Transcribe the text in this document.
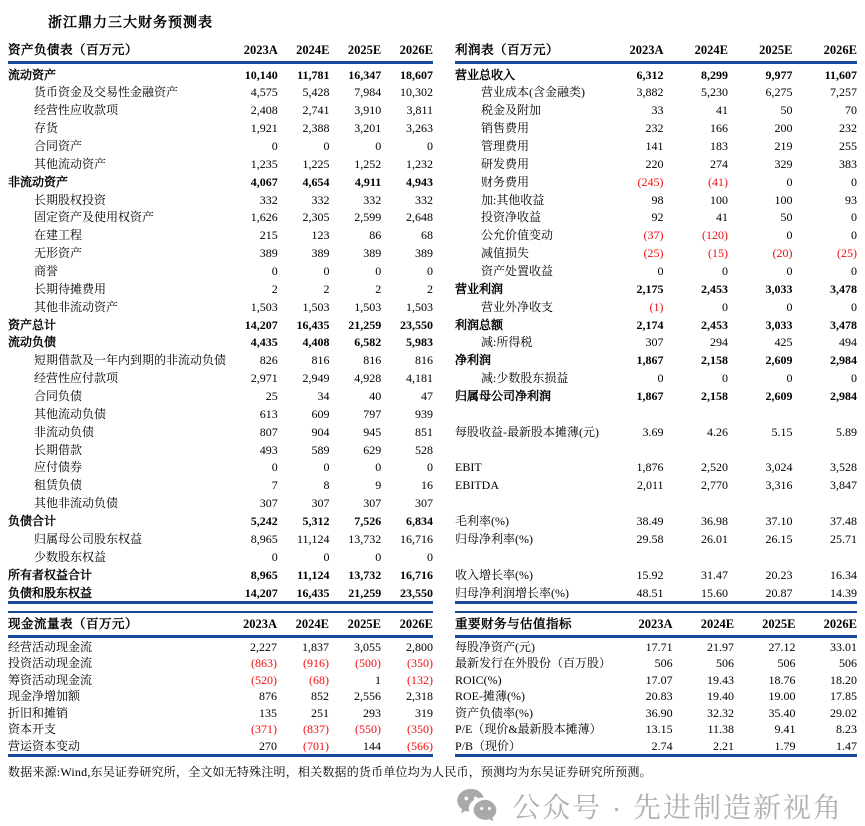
浙江鼎力三大财务预测表
资产负债表（百万元）	2023A	2024E	2025E	2026E
流动资产	10,140	11,781	16,347	18,607
货币资金及交易性金融资产	4,575	5,428	7,984	10,302
经营性应收款项	2,408	2,741	3,910	3,811
存货	1,921	2,388	3,201	3,263
合同资产	0	0	0	0
其他流动资产	1,235	1,225	1,252	1,232
非流动资产	4,067	4,654	4,911	4,943
长期股权投资	332	332	332	332
固定资产及使用权资产	1,626	2,305	2,599	2,648
在建工程	215	123	86	68
无形资产	389	389	389	389
商誉	0	0	0	0
长期待摊费用	2	2	2	2
其他非流动资产	1,503	1,503	1,503	1,503
资产总计	14,207	16,435	21,259	23,550
流动负债	4,435	4,408	6,582	5,983
短期借款及一年内到期的非流动负债	826	816	816	816
经营性应付款项	2,971	2,949	4,928	4,181
合同负债	25	34	40	47
其他流动负债	613	609	797	939
非流动负债	807	904	945	851
长期借款	493	589	629	528
应付债券	0	0	0	0
租赁负债	7	8	9	16
其他非流动负债	307	307	307	307
负债合计	5,242	5,312	7,526	6,834
归属母公司股东权益	8,965	11,124	13,732	16,716
少数股东权益	0	0	0	0
所有者权益合计	8,965	11,124	13,732	16,716
负债和股东权益	14,207	16,435	21,259	23,550
利润表（百万元）	2023A	2024E	2025E	2026E
营业总收入	6,312	8,299	9,977	11,607
营业成本(含金融类)	3,882	5,230	6,275	7,257
税金及附加	33	41	50	70
销售费用	232	166	200	232
管理费用	141	183	219	255
研发费用	220	274	329	383
财务费用	(245)	(41)	0	0
加:其他收益	98	100	100	93
投资净收益	92	41	50	0
公允价值变动	(37)	(120)	0	0
减值损失	(25)	(15)	(20)	(25)
资产处置收益	0	0	0	0
营业利润	2,175	2,453	3,033	3,478
营业外净收支	(1)	0	0	0
利润总额	2,174	2,453	3,033	3,478
减:所得税	307	294	425	494
净利润	1,867	2,158	2,609	2,984
减:少数股东损益	0	0	0	0
归属母公司净利润	1,867	2,158	2,609	2,984

每股收益-最新股本摊薄(元)	3.69	4.26	5.15	5.89

EBIT	1,876	2,520	3,024	3,528
EBITDA	2,011	2,770	3,316	3,847

毛利率(%)	38.49	36.98	37.10	37.48
归母净利率(%)	29.58	26.01	26.15	25.71

收入增长率(%)	15.92	31.47	20.23	16.34
归母净利润增长率(%)	48.51	15.60	20.87	14.39
现金流量表（百万元）	2023A	2024E	2025E	2026E
经营活动现金流	2,227	1,837	3,055	2,800
投资活动现金流	(863)	(916)	(500)	(350)
筹资活动现金流	(520)	(68)	1	(132)
现金净增加额	876	852	2,556	2,318
折旧和摊销	135	251	293	319
资本开支	(371)	(837)	(550)	(350)
营运资本变动	270	(701)	144	(566)
重要财务与估值指标	2023A	2024E	2025E	2026E
每股净资产(元)	17.71	21.97	27.12	33.01
最新发行在外股份（百万股）	506	506	506	506
ROIC(%)	17.07	19.43	18.76	18.20
ROE-摊薄(%)	20.83	19.40	19.00	17.85
资产负债率(%)	36.90	32.32	35.40	29.02
P/E（现价&最新股本摊薄）	13.15	11.38	9.41	8.23
P/B（现价）	2.74	2.21	1.79	1.47
数据来源:Wind,东吴证券研究所，全文如无特殊注明，相关数据的货币单位均为人民币，预测均为东吴证券研究所预测。
公众号 · 先进制造新视角
